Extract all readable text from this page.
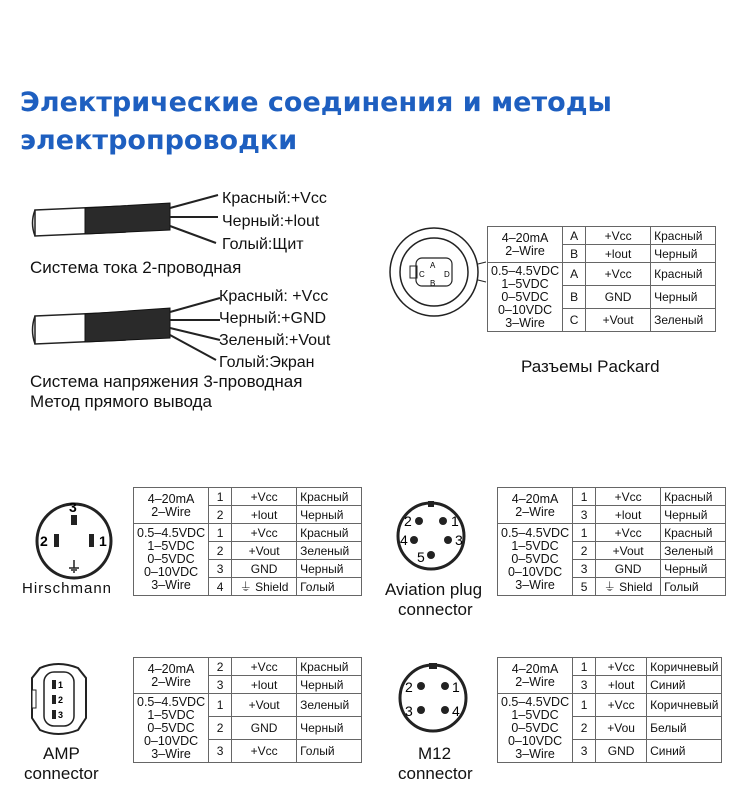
Электрические соединения и методы электропроводки
Красный:+Vcc
Черный:+lout
Голый:Щит
Система тока 2-проводная
Красный: +Vcc
Черный:+GND
Зеленый:+Vout
Голый:Экран
Система напряжения 3-проводная
Метод прямого вывода
A
B
C D
4–20mA
2–Wire	A	+Vcc	Красный
	B	+lout	Черный

0.5–4.5VDC
1–5VDC
0–5VDC
0–10VDC
3–Wire	A	+Vcc	Красный
	B	GND	Черный
	C	+Vout	Зеленый
Разъемы Packard
3
2	1
Hirschmann
4–20mA
2–Wire	1	+Vcc	Красный
	2	+lout	Черный

0.5–4.5VDC
1–5VDC
0–5VDC
0–10VDC
3–Wire	1	+Vcc	Красный
	2	+Vout	Зеленый
	3	GND	Черный
	4	⏚ Shield	Голый
2	1
4	3
5
Aviation plug
connector
4–20mA
2–Wire	1	+Vcc	Красный
	3	+lout	Черный

0.5–4.5VDC
1–5VDC
0–5VDC
0–10VDC
3–Wire	1	+Vcc	Красный
	2	+Vout	Зеленый
	3	GND	Черный
	5	⏚ Shield	Голый
1
2
3
AMP
connector
4–20mA
2–Wire	2	+Vcc	Красный
	3	+lout	Черный

0.5–4.5VDC
1–5VDC
0–5VDC
0–10VDC
3–Wire	1	+Vout	Зеленый
	2	GND	Черный
	3	+Vcc	Голый
2	1
3	4
M12
connector
4–20mA
2–Wire	1	+Vcc	Коричневый
	3	+lout	Синий

0.5–4.5VDC
1–5VDC
0–5VDC
0–10VDC
3–Wire	1	+Vcc	Коричневый
	2	+Vou	Белый
	3	GND	Синий
